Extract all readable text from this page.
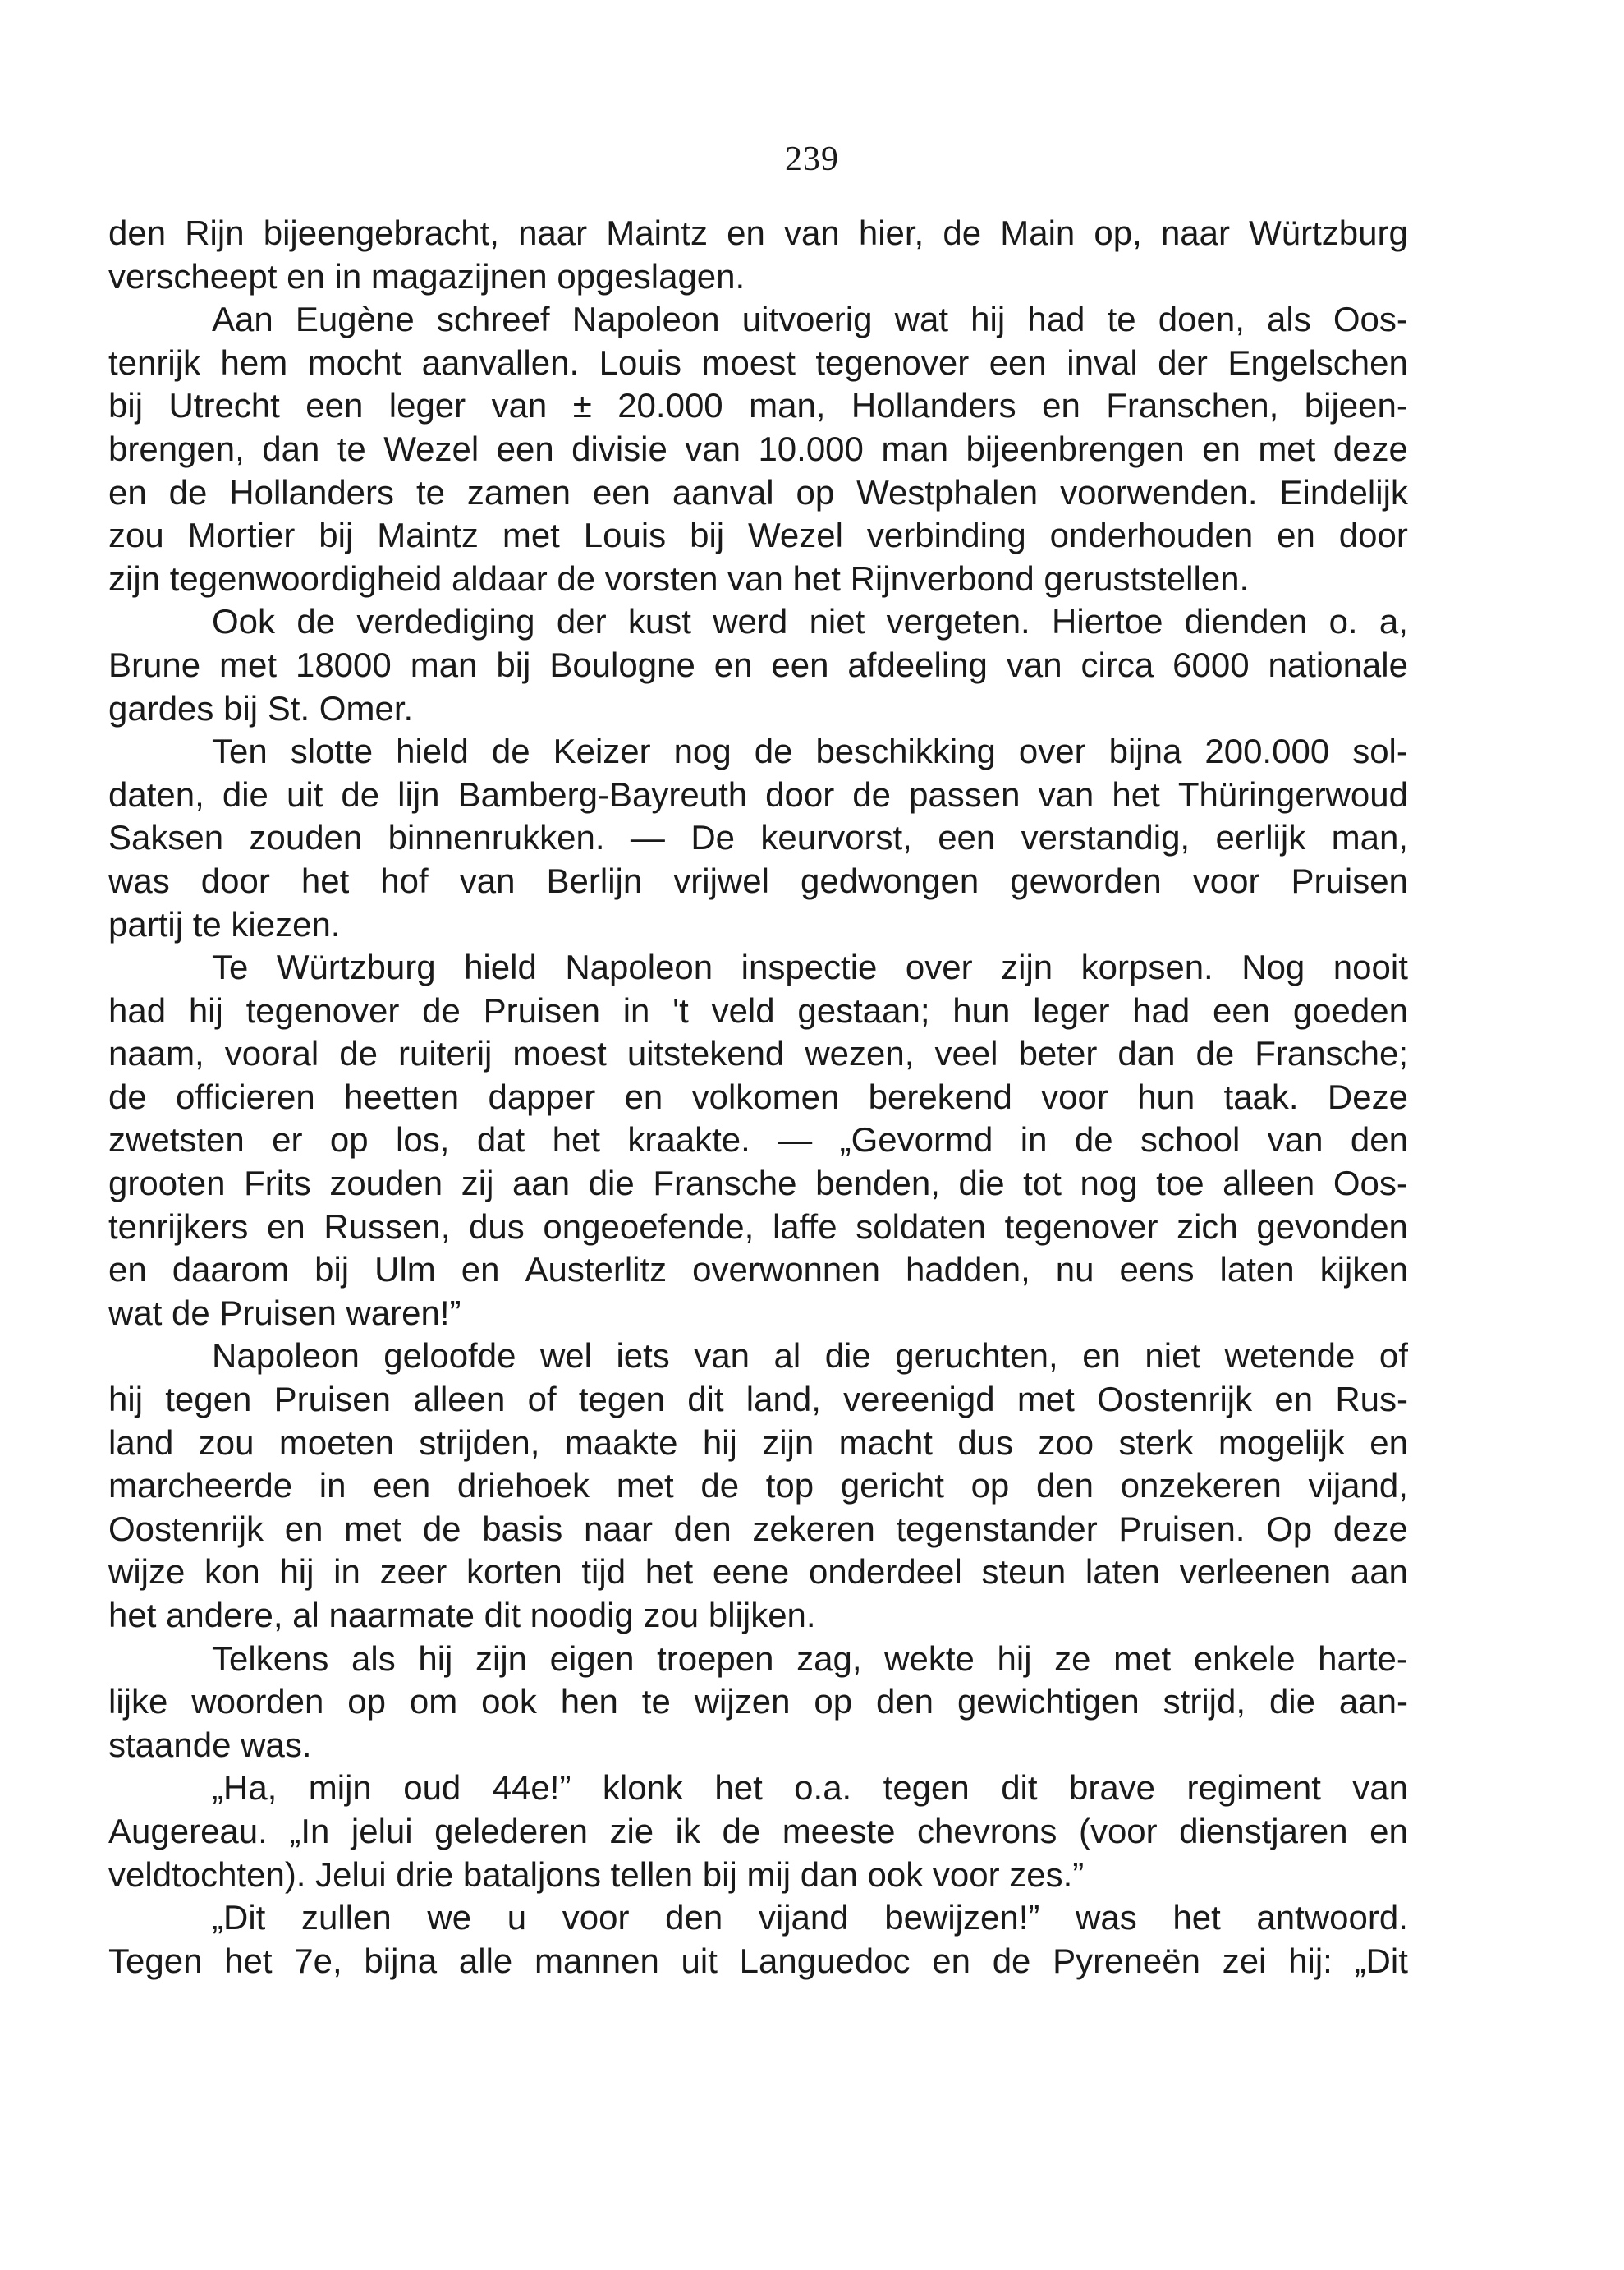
239
den Rijn bijeengebracht, naar Maintz en van hier, de Main op, naar Würtzburg
verscheept en in magazijnen opgeslagen.
Aan Eugène schreef Napoleon uitvoerig wat hij had te doen, als Oos-
tenrijk hem mocht aanvallen. Louis moest tegenover een inval der Engelschen
bij Utrecht een leger van ± 20.000 man, Hollanders en Franschen, bijeen-
brengen, dan te Wezel een divisie van 10.000 man bijeenbrengen en met deze
en de Hollanders te zamen een aanval op Westphalen voorwenden. Eindelijk
zou Mortier bij Maintz met Louis bij Wezel verbinding onderhouden en door
zijn tegenwoordigheid aldaar de vorsten van het Rijnverbond geruststellen.
Ook de verdediging der kust werd niet vergeten. Hiertoe dienden o. a,
Brune met 18000 man bij Boulogne en een afdeeling van circa 6000 nationale
gardes bij St. Omer.
Ten slotte hield de Keizer nog de beschikking over bijna 200.000 sol-
daten, die uit de lijn Bamberg-Bayreuth door de passen van het Thüringerwoud
Saksen zouden binnenrukken. — De keurvorst, een verstandig, eerlijk man,
was door het hof van Berlijn vrijwel gedwongen geworden voor Pruisen
partij te kiezen.
Te Würtzburg hield Napoleon inspectie over zijn korpsen. Nog nooit
had hij tegenover de Pruisen in 't veld gestaan; hun leger had een goeden
naam, vooral de ruiterij moest uitstekend wezen, veel beter dan de Fransche;
de officieren heetten dapper en volkomen berekend voor hun taak. Deze
zwetsten er op los, dat het kraakte. — „Gevormd in de school van den
grooten Frits zouden zij aan die Fransche benden, die tot nog toe alleen Oos-
tenrijkers en Russen, dus ongeoefende, laffe soldaten tegenover zich gevonden
en daarom bij Ulm en Austerlitz overwonnen hadden, nu eens laten kijken
wat de Pruisen waren!”
Napoleon geloofde wel iets van al die geruchten, en niet wetende of
hij tegen Pruisen alleen of tegen dit land, vereenigd met Oostenrijk en Rus-
land zou moeten strijden, maakte hij zijn macht dus zoo sterk mogelijk en
marcheerde in een driehoek met de top gericht op den onzekeren vijand,
Oostenrijk en met de basis naar den zekeren tegenstander Pruisen. Op deze
wijze kon hij in zeer korten tijd het eene onderdeel steun laten verleenen aan
het andere, al naarmate dit noodig zou blijken.
Telkens als hij zijn eigen troepen zag, wekte hij ze met enkele harte-
lijke woorden op om ook hen te wijzen op den gewichtigen strijd, die aan-
staande was.
„Ha, mijn oud 44e!” klonk het o.a. tegen dit brave regiment van
Augereau. „In jelui gelederen zie ik de meeste chevrons (voor dienstjaren en
veldtochten). Jelui drie bataljons tellen bij mij dan ook voor zes.”
„Dit zullen we u voor den vijand bewijzen!” was het antwoord.
Tegen het 7e, bijna alle mannen uit Languedoc en de Pyreneën zei hij: „Dit
